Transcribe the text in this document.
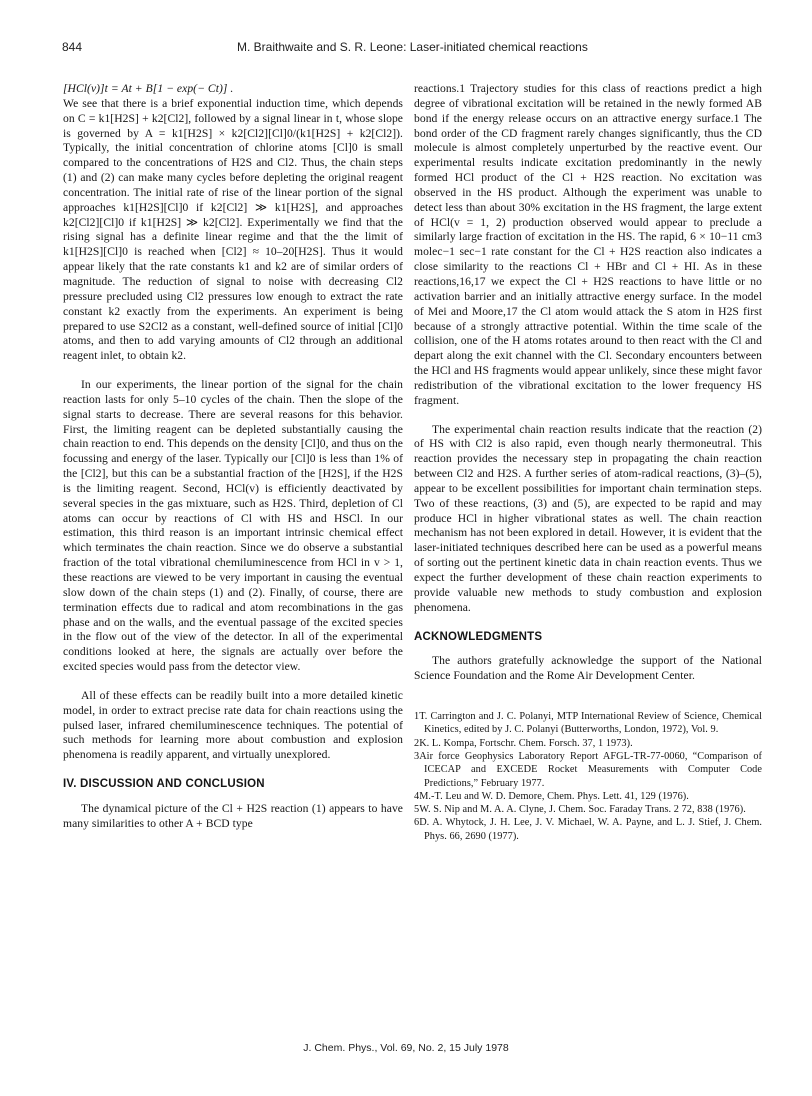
844	M. Braithwaite and S. R. Leone: Laser-initiated chemical reactions

[HCl(v)]t = At + B[1 − exp(− Ct)] .

We see that there is a brief exponential induction time, which depends on C = k1[H2S] + k2[Cl2], followed by a signal linear in t, whose slope is governed by A = k1[H2S] × k2[Cl2][Cl]0/(k1[H2S] + k2[Cl2]). Typically, the initial concentration of chlorine atoms [Cl]0 is small compared to the concentrations of H2S and Cl2. Thus, the chain steps (1) and (2) can make many cycles before depleting the original reagent concentration. The initial rate of rise of the linear portion of the signal approaches k1[H2S][Cl]0 if k2[Cl2] ≫ k1[H2S], and approaches k2[Cl2][Cl]0 if k1[H2S] ≫ k2[Cl2]. Experimentally we find that the rising signal has a definite linear regime and that the the limit of k1[H2S][Cl]0 is reached when [Cl2] ≈ 10–20[H2S]. Thus it would appear likely that the rate constants k1 and k2 are of similar orders of magnitude. The reduction of signal to noise with decreasing Cl2 pressure precluded using Cl2 pressures low enough to extract the rate constant k2 exactly from the experiments. An experiment is being prepared to use S2Cl2 as a constant, well-defined source of initial [Cl]0 atoms, and then to add varying amounts of Cl2 through an additional reagent inlet, to obtain k2.

In our experiments, the linear portion of the signal for the chain reaction lasts for only 5–10 cycles of the chain. Then the slope of the signal starts to decrease. There are several reasons for this behavior. First, the limiting reagent can be depleted substantially causing the chain reaction to end. This depends on the density [Cl]0, and thus on the focussing and energy of the laser. Typically our [Cl]0 is less than 1% of the [Cl2], but this can be a substantial fraction of the [H2S], if the H2S is the limiting reagent. Second, HCl(v) is efficiently deactivated by several species in the gas mixtuare, such as H2S. Third, depletion of Cl atoms can occur by reactions of Cl with HS and HSCl. In our estimation, this third reason is an important intrinsic chemical effect which terminates the chain reaction. Since we do observe a substantial fraction of the total vibrational chemiluminescence from HCl in v > 1, these reactions are viewed to be very important in causing the eventual slow down of the chain steps (1) and (2). Finally, of course, there are termination effects due to radical and atom recombinations in the gas phase and on the walls, and the eventual passage of the excited species in the flow out of the view of the detector. In all of the experimental conditions looked at here, the signals are actually over before the excited species would pass from the detector view.

All of these effects can be readily built into a more detailed kinetic model, in order to extract precise rate data for chain reactions using the pulsed laser, infrared chemiluminescence techniques. The potential of such methods for learning more about combustion and explosion phenomena is readily apparent, and virtually unexplored.

IV. DISCUSSION AND CONCLUSION

The dynamical picture of the Cl + H2S reaction (1) appears to have many similarities to other A + BCD type

reactions.1 Trajectory studies for this class of reactions predict a high degree of vibrational excitation will be retained in the newly formed AB bond if the energy release occurs on an attractive energy surface.1 The bond order of the CD fragment rarely changes significantly, thus the CD molecule is almost completely unperturbed by the reactive event. Our experimental results indicate excitation predominantly in the newly formed HCl product of the Cl + H2S reaction. No excitation was observed in the HS product. Although the experiment was unable to detect less than about 30% excitation in the HS fragment, the large extent of HCl(v = 1, 2) production observed would appear to preclude a similarly large fraction of excitation in the HS. The rapid, 6 × 10−11 cm3 molec−1 sec−1 rate constant for the Cl + H2S reaction also indicates a close similarity to the reactions Cl + HBr and Cl + HI. As in these reactions,16,17 we expect the Cl + H2S reactions to have little or no activation barrier and an initially attractive energy surface. In the model of Mei and Moore,17 the Cl atom would attack the S atom in H2S first because of a strongly attractive potential. Within the time scale of the collision, one of the H atoms rotates around to then react with the Cl and depart along the exit channel with the Cl. Secondary encounters between the HCl and HS fragments would appear unlikely, since these might favor redistribution of the vibrational excitation to the lower frequency HS fragment.

The experimental chain reaction results indicate that the reaction (2) of HS with Cl2 is also rapid, even though nearly thermoneutral. This reaction provides the necessary step in propagating the chain reaction between Cl2 and H2S. A further series of atom-radical reactions, (3)–(5), appear to be excellent possibilities for important chain termination steps. Two of these reactions, (3) and (5), are expected to be rapid and may produce HCl in higher vibrational states as well. The chain reaction mechanism has not been explored in detail. However, it is evident that the laser-initiated techniques described here can be used as a powerful means of sorting out the pertinent kinetic data in chain reaction events. Thus we expect the further development of these chain reaction experiments to provide valuable new methods to study combustion and explosion phenomena.

ACKNOWLEDGMENTS

The authors gratefully acknowledge the support of the National Science Foundation and the Rome Air Development Center.

1T. Carrington and J. C. Polanyi, MTP International Review of Science, Chemical Kinetics, edited by J. C. Polanyi (Butterworths, London, 1972), Vol. 9.

2K. L. Kompa, Fortschr. Chem. Forsch. 37, 1 1973).

3Air force Geophysics Laboratory Report AFGL-TR-77-0060, “Comparison of ICECAP and EXCEDE Rocket Measurements with Computer Code Predictions,” February 1977.

4M.-T. Leu and W. D. Demore, Chem. Phys. Lett. 41, 129 (1976).

5W. S. Nip and M. A. A. Clyne, J. Chem. Soc. Faraday Trans. 2 72, 838 (1976).

6D. A. Whytock, J. H. Lee, J. V. Michael, W. A. Payne, and L. J. Stief, J. Chem. Phys. 66, 2690 (1977).

J. Chem. Phys., Vol. 69, No. 2, 15 July 1978
